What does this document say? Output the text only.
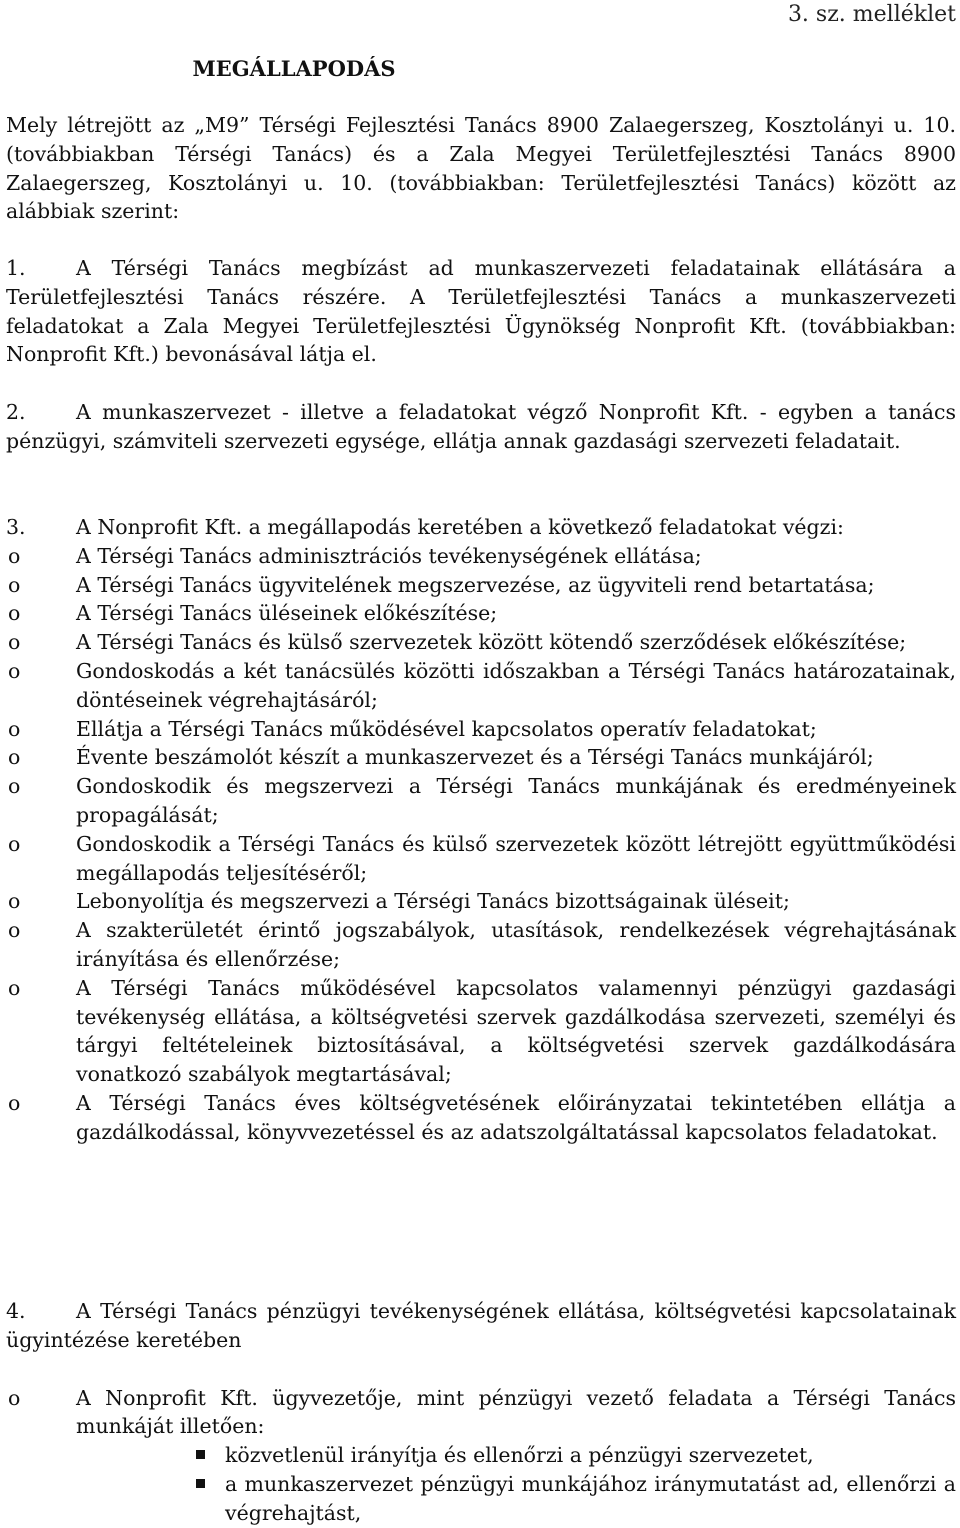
3. sz. melléklet
MEGÁLLAPODÁS

Mely létrejött az „M9” Térségi Fejlesztési Tanács 8900 Zalaegerszeg, Kosztolányi u. 10. (továbbiakban Térségi Tanács) és a Zala Megyei Területfejlesztési Tanács 8900 Zalaegerszeg, Kosztolányi u. 10. (továbbiakban: Területfejlesztési Tanács) között az alábbiak szerint:

1. A Térségi Tanács megbízást ad munkaszervezeti feladatainak ellátására a Területfejlesztési Tanács részére. A Területfejlesztési Tanács a munkaszervezeti feladatokat a Zala Megyei Területfejlesztési Ügynökség Nonprofit Kft. (továbbiakban: Nonprofit Kft.) bevonásával látja el.

2. A munkaszervezet - illetve a feladatokat végző Nonprofit Kft. - egyben a tanács pénzügyi, számviteli szervezeti egysége, ellátja annak gazdasági szervezeti feladatait.

3. A Nonprofit Kft. a megállapodás keretében a következő feladatokat végzi:

o	A Térségi Tanács adminisztrációs tevékenységének ellátása;
o	A Térségi Tanács ügyvitelének megszervezése, az ügyviteli rend betartatása;
o	A Térségi Tanács üléseinek előkészítése;
o	A Térségi Tanács és külső szervezetek között kötendő szerződések előkészítése;
o	Gondoskodás a két tanácsülés közötti időszakban a Térségi Tanács határozatainak, döntéseinek végrehajtásáról;
o	Ellátja a Térségi Tanács működésével kapcsolatos operatív feladatokat;
o	Évente beszámolót készít a munkaszervezet és a Térségi Tanács munkájáról;
o	Gondoskodik és megszervezi a Térségi Tanács munkájának és eredményeinek propagálását;
o	Gondoskodik a Térségi Tanács és külső szervezetek között létrejött együttműködési megállapodás teljesítéséről;
o	Lebonyolítja és megszervezi a Térségi Tanács bizottságainak üléseit;
o	A szakterületét érintő jogszabályok, utasítások, rendelkezések végrehajtásának irányítása és ellenőrzése;
o	A Térségi Tanács működésével kapcsolatos valamennyi pénzügyi gazdasági tevékenység ellátása, a költségvetési szervek gazdálkodása szervezeti, személyi és tárgyi feltételeinek biztosításával, a költségvetési szervek gazdálkodására vonatkozó szabályok megtartásával;
o	A Térségi Tanács éves költségvetésének előirányzatai tekintetében ellátja a gazdálkodással, könyvvezetéssel és az adatszolgáltatással kapcsolatos feladatokat.

4. A Térségi Tanács pénzügyi tevékenységének ellátása, költségvetési kapcsolatainak ügyintézése keretében

o	A Nonprofit Kft. ügyvezetője, mint pénzügyi vezető feladata a Térségi Tanács munkáját illetően:
közvetlenül irányítja és ellenőrzi a pénzügyi szervezetet,
a munkaszervezet pénzügyi munkájához iránymutatást ad, ellenőrzi a végrehajtást,
